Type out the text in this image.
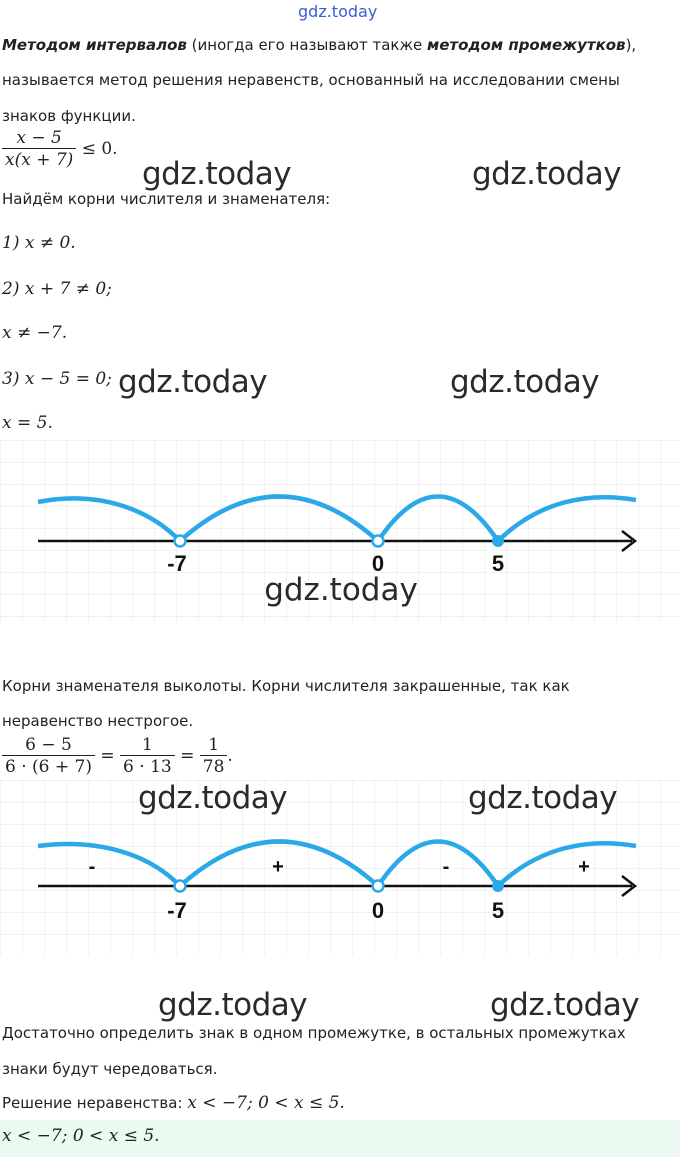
gdz.today
Методом интервалов (иногда его называют также методом промежутков),
называется метод решения неравенств, основанный на исследовании смены
знаков функции.
$\frac{x - 5}{x(x + 7)} \le 0$.
gdz.today	gdz.today
Найдём корни числителя и знаменателя:
1) x ≠ 0.
2) x + 7 ≠ 0;
x ≠ −7.
3) x − 5 = 0; gdz.today	gdz.today
x = 5.
-7	0	5
gdz.today
Корни знаменателя выколоты. Корни числителя закрашенные, так как
неравенство нестрогое.
$\frac{6 - 5}{6 \cdot (6 + 7)} = \frac{1}{6 \cdot 13} = \frac{1}{78}$ .
-	+	-	+
-7	0	5
gdz.today	gdz.today
gdz.today	gdz.today
Достаточно определить знак в одном промежутке, в остальных промежутках
знаки будут чередоваться.
Решение неравенства: x < −7; 0 < x ≤ 5.
x < −7; 0 < x ≤ 5.
